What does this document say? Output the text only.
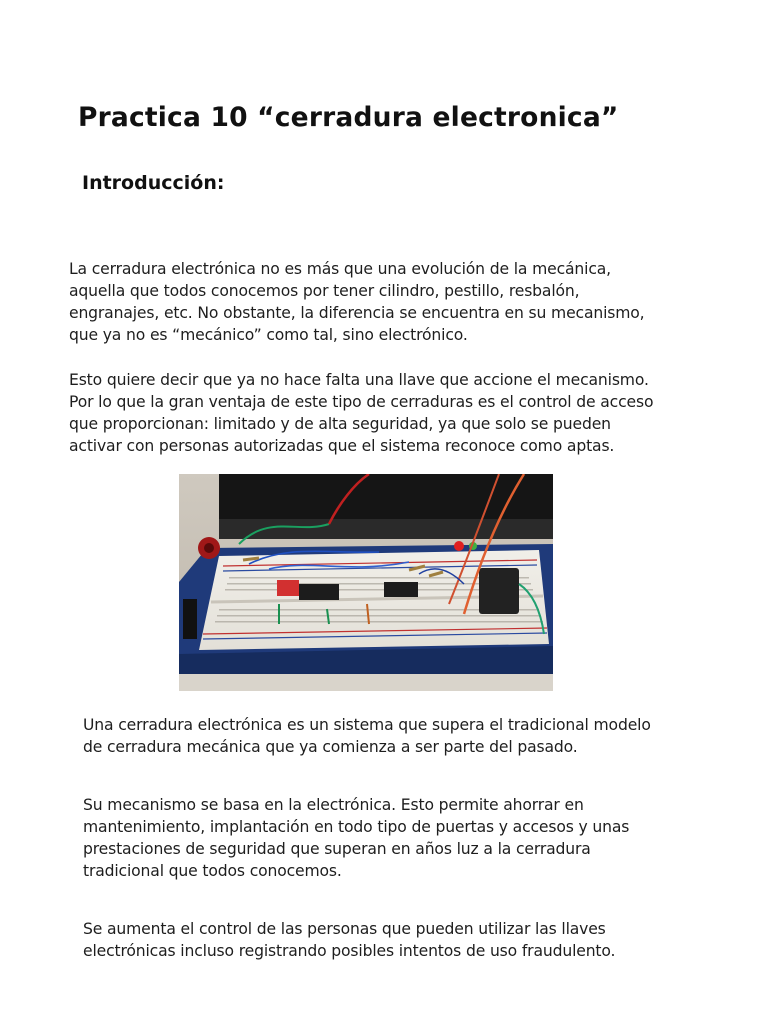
Practica 10 “cerradura electronica”
Introducción:
La cerradura electrónica no es más que una evolución de la mecánica,
aquella que todos conocemos por tener cilindro, pestillo, resbalón,
engranajes, etc. No obstante, la diferencia se encuentra en su mecanismo,
que ya no es “mecánico” como tal, sino electrónico.
Esto quiere decir que ya no hace falta una llave que accione el mecanismo.
Por lo que la gran ventaja de este tipo de cerraduras es el control de acceso
que proporcionan: limitado y de alta seguridad, ya que solo se pueden
activar con personas autorizadas que el sistema reconoce como aptas.
Una cerradura electrónica es un sistema que supera el tradicional modelo
de cerradura mecánica que ya comienza a ser parte del pasado.
Su mecanismo se basa en la electrónica. Esto permite ahorrar en
mantenimiento, implantación en todo tipo de puertas y accesos y unas
prestaciones de seguridad que superan en años luz a la cerradura
tradicional que todos conocemos.
Se aumenta el control de las personas que pueden utilizar las llaves
electrónicas incluso registrando posibles intentos de uso fraudulento.
